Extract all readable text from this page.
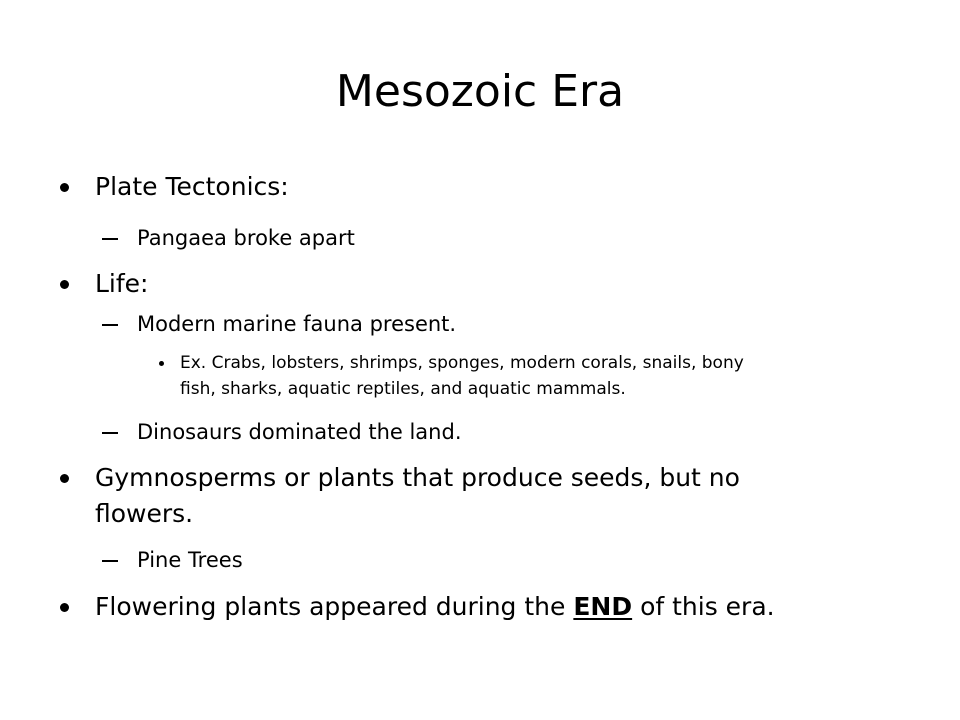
Mesozoic Era
Plate Tectonics:
Pangaea broke apart
Life:
Modern marine fauna present.
Ex. Crabs, lobsters, shrimps, sponges, modern corals, snails, bony
fish, sharks, aquatic reptiles, and aquatic mammals.
Dinosaurs dominated the land.
Gymnosperms or plants that produce seeds, but no
flowers.
Pine Trees
Flowering plants appeared during the END of this era.
